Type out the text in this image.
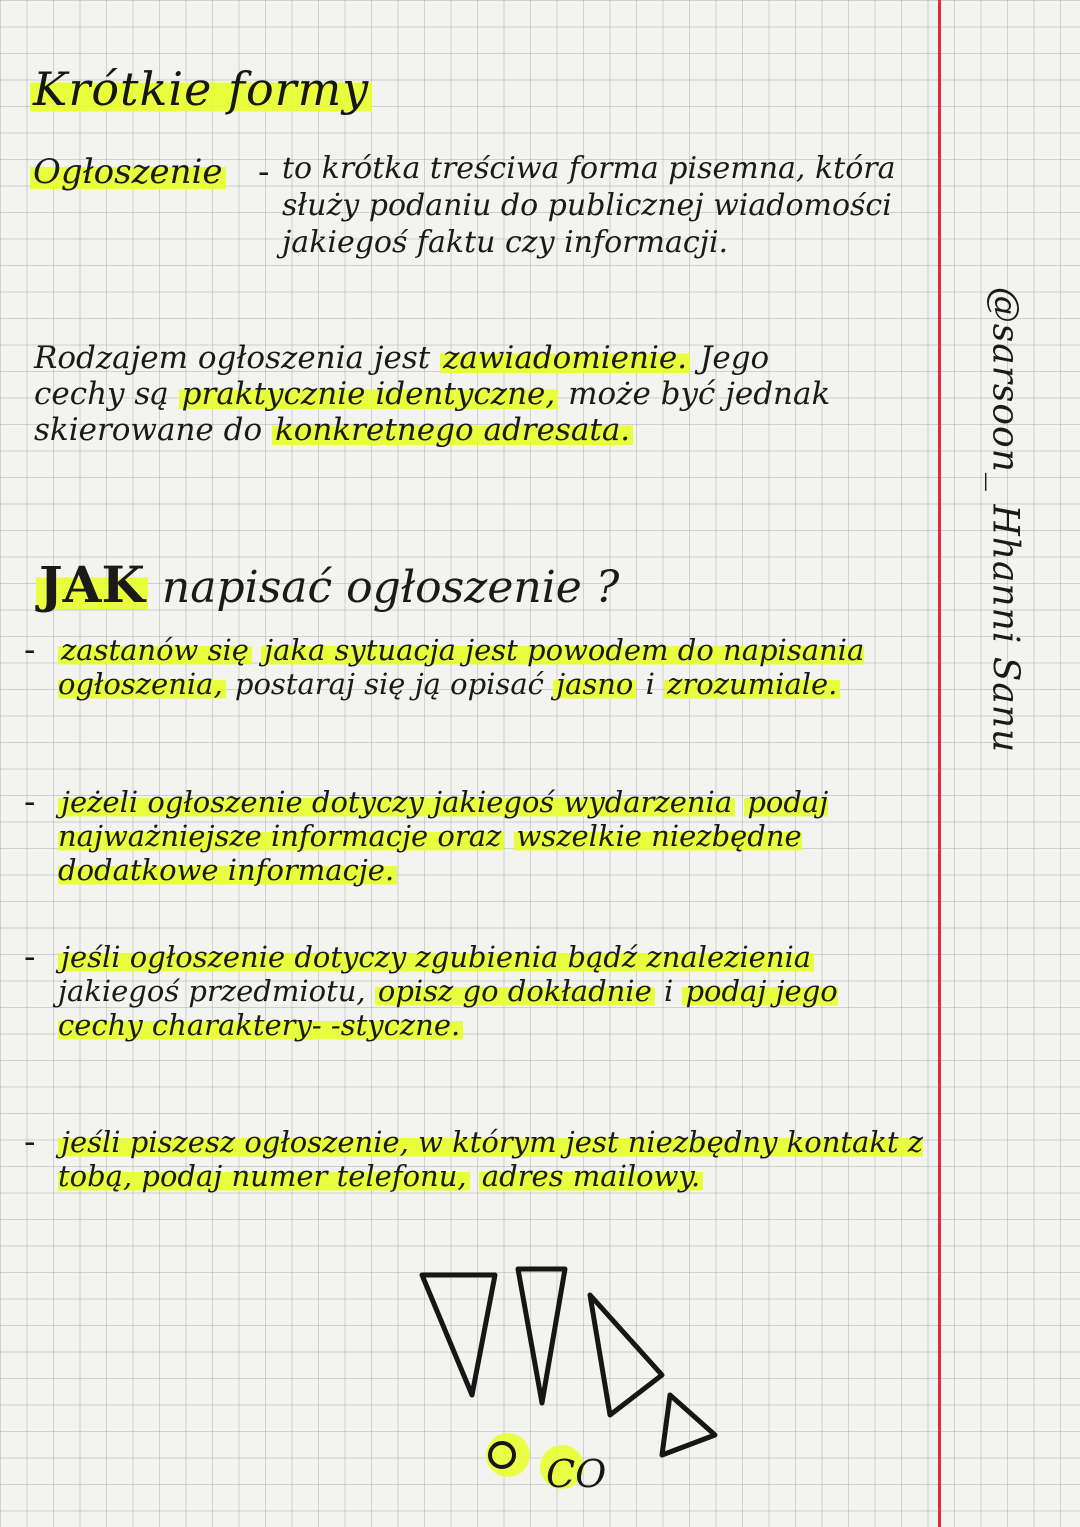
Krótkie formy
Ogłoszenie - to krótka treściwa forma pisemna, która służy podaniu do publicznej wiadomości jakiegoś faktu czy informacji.
Rodzajem ogłoszenia jest zawiadomienie. Jego cechy są praktycznie identyczne, może być jednak skierowane do konkretnego adresata.
JAK napisać ogłoszenie ?
- zastanów się jaka sytuacja jest powodem do napisania ogłoszenia, postaraj się ją opisać jasno i zrozumiale.
- jeżeli ogłoszenie dotyczy jakiegoś wydarzenia podaj najważniejsze informacje oraz wszelkie niezbędne dodatkowe informacje.
- jeśli ogłoszenie dotyczy zgubienia bądź znalezienia jakiegoś przedmiotu, opisz go dokładnie i podaj jego cechy charaktery- -styczne.
- jeśli piszesz ogłoszenie, w którym jest niezbędny kontakt z tobą, podaj numer telefonu, adres mailowy.
@sarsoon_ Hhanni Sanu
CO
